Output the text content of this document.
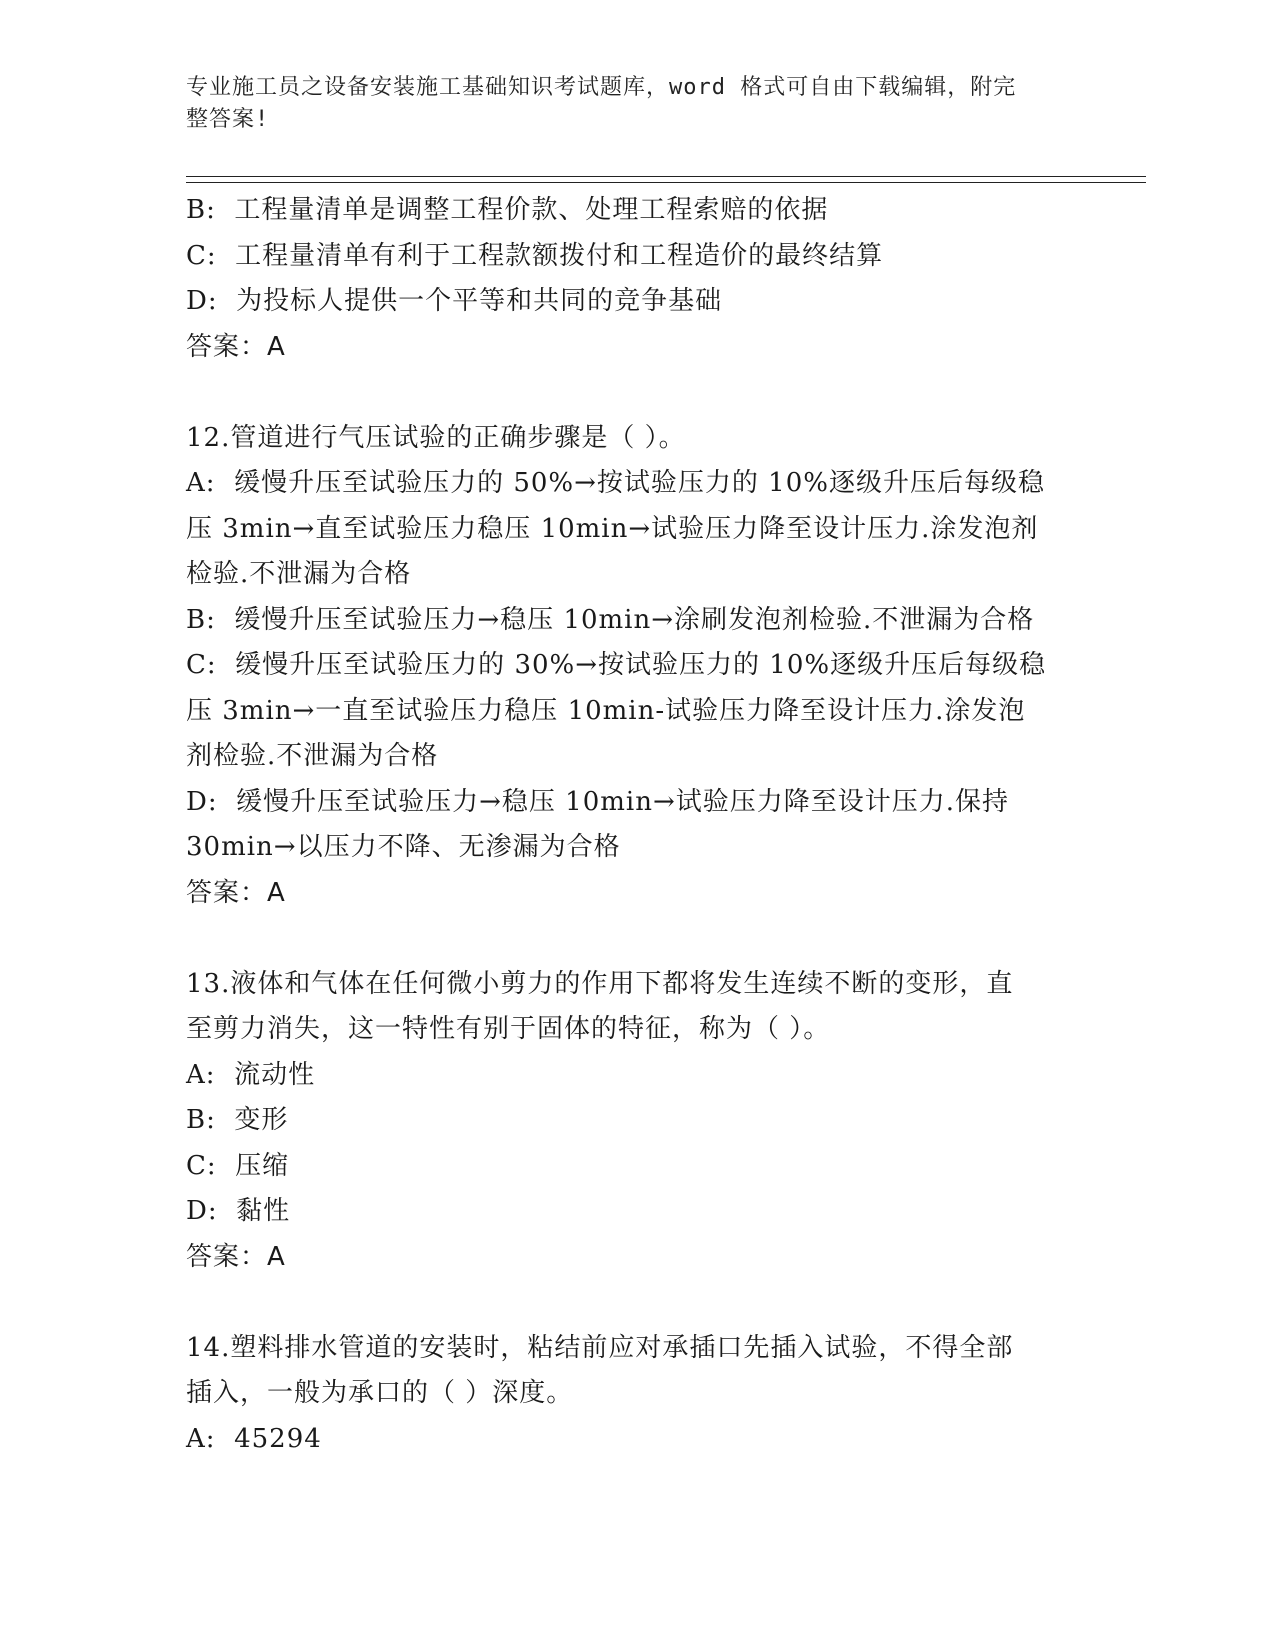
专业施工员之设备安装施工基础知识考试题库，word 格式可自由下载编辑，附完
整答案!

B:  工程量清单是调整工程价款、处理工程索赔的依据

C:  工程量清单有利于工程款额拨付和工程造价的最终结算

D:  为投标人提供一个平等和共同的竞争基础

答案：A

12.管道进行气压试验的正确步骤是（ ）。

A:  缓慢升压至试验压力的 50%→按试验压力的 10%逐级升压后每级稳

压 3min→直至试验压力稳压 10min→试验压力降至设计压力.涂发泡剂

检验.不泄漏为合格

B:  缓慢升压至试验压力→稳压 10min→涂刷发泡剂检验.不泄漏为合格

C:  缓慢升压至试验压力的 30%→按试验压力的 10%逐级升压后每级稳

压 3min→一直至试验压力稳压 10min-试验压力降至设计压力.涂发泡

剂检验.不泄漏为合格

D:  缓慢升压至试验压力→稳压 10min→试验压力降至设计压力.保持

30min→以压力不降、无渗漏为合格

答案：A

13.液体和气体在任何微小剪力的作用下都将发生连续不断的变形，直

至剪力消失，这一特性有别于固体的特征，称为（ ）。

A:  流动性

B:  变形

C:  压缩

D:  黏性

答案：A

14.塑料排水管道的安装时，粘结前应对承插口先插入试验，不得全部

插入，一般为承口的（ ）深度。

A:  45294
